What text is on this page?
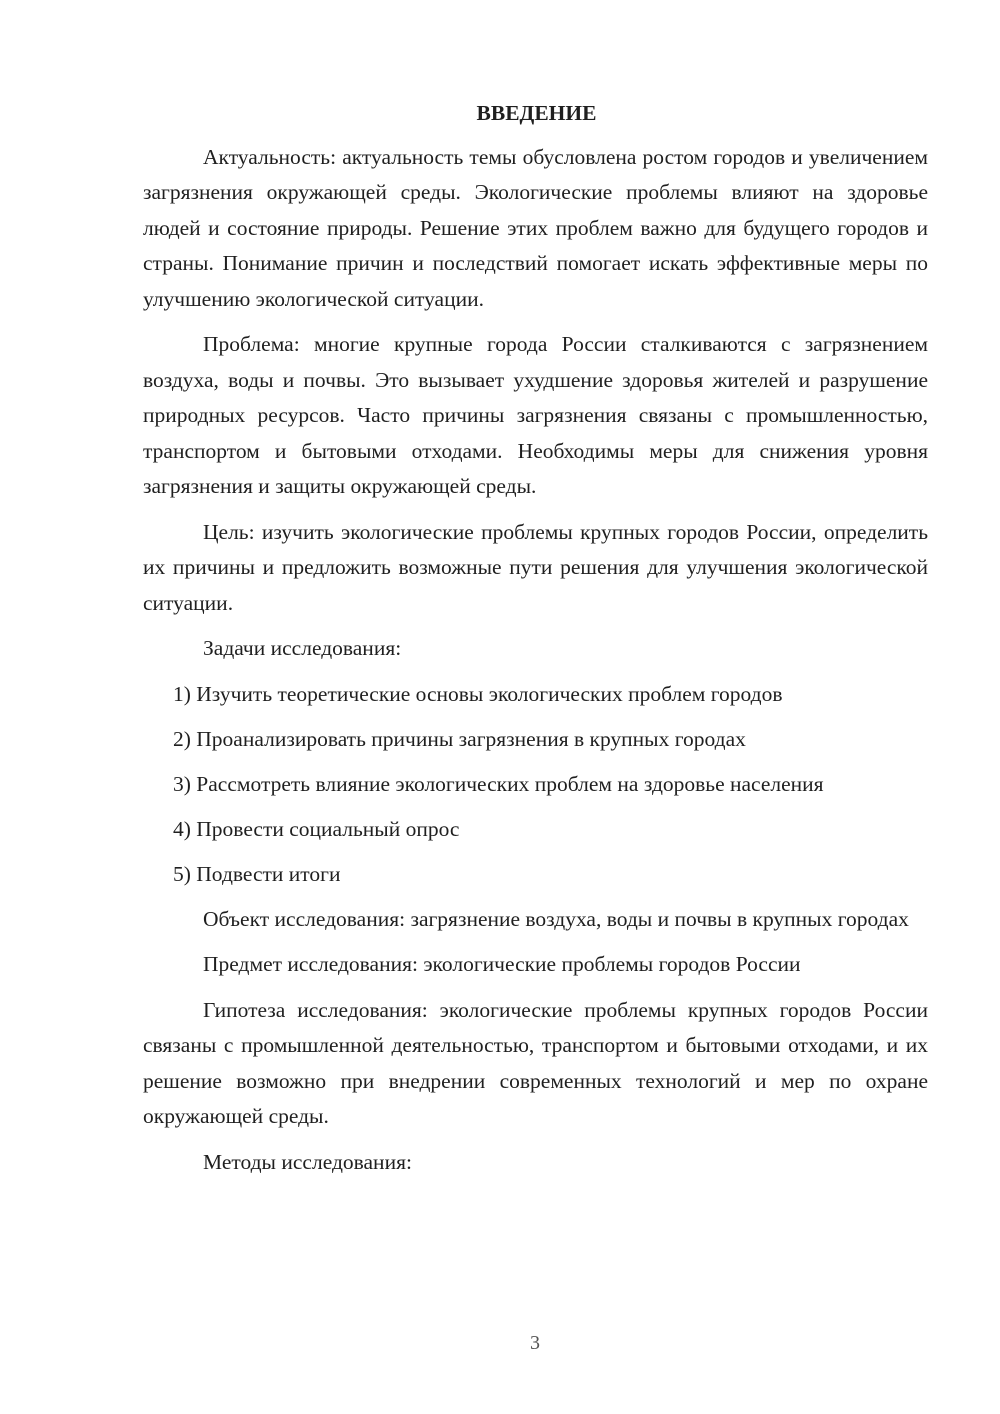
ВВЕДЕНИЕ

Актуальность: актуальность темы обусловлена ростом городов и увеличением загрязнения окружающей среды. Экологические проблемы влияют на здоровье людей и состояние природы. Решение этих проблем важно для будущего городов и страны. Понимание причин и последствий помогает искать эффективные меры по улучшению экологической ситуации.

Проблема: многие крупные города России сталкиваются с загрязнением воздуха, воды и почвы. Это вызывает ухудшение здоровья жителей и разрушение природных ресурсов. Часто причины загрязнения связаны с промышленностью, транспортом и бытовыми отходами. Необходимы меры для снижения уровня загрязнения и защиты окружающей среды.

Цель: изучить экологические проблемы крупных городов России, определить их причины и предложить возможные пути решения для улучшения экологической ситуации.

Задачи исследования:

1) Изучить теоретические основы экологических проблем городов
2) Проанализировать причины загрязнения в крупных городах
3) Рассмотреть влияние экологических проблем на здоровье населения
4) Провести социальный опрос
5) Подвести итоги

Объект исследования: загрязнение воздуха, воды и почвы в крупных городах

Предмет исследования: экологические проблемы городов России

Гипотеза исследования: экологические проблемы крупных городов России связаны с промышленной деятельностью, транспортом и бытовыми отходами, и их решение возможно при внедрении современных технологий и мер по охране окружающей среды.

Методы исследования:

3
